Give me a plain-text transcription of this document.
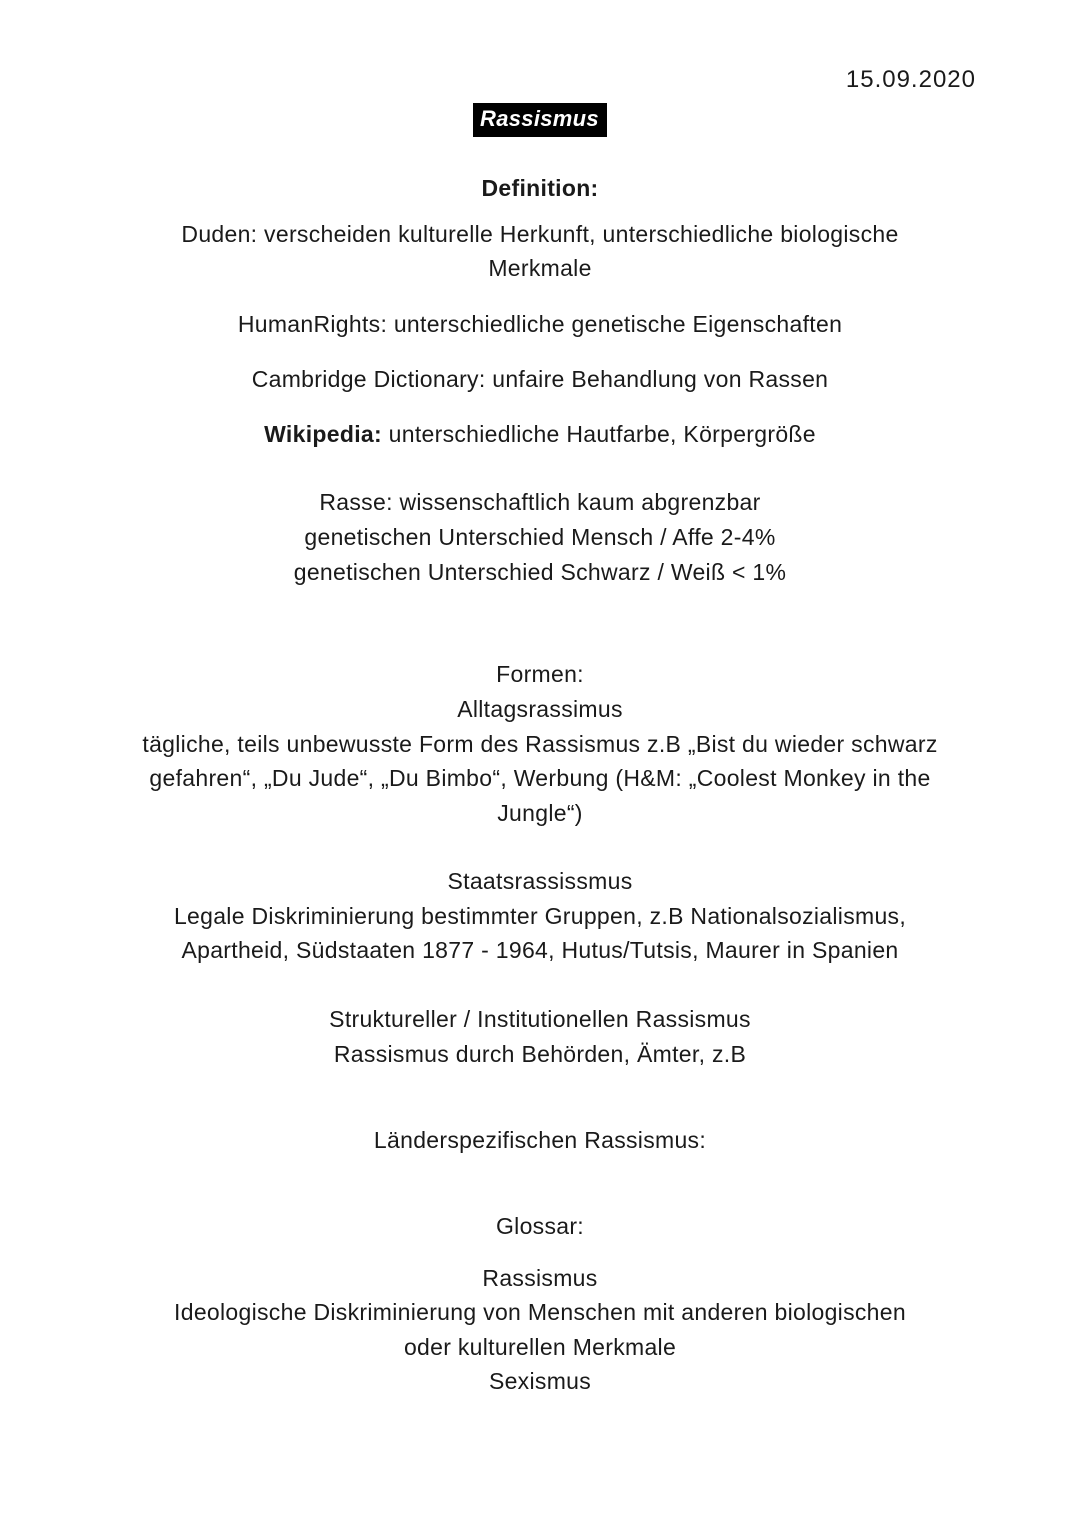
15.09.2020
Rassismus
Definition:
Duden: verscheiden kulturelle Herkunft, unterschiedliche biologische
Merkmale
HumanRights: unterschiedliche genetische Eigenschaften
Cambridge Dictionary: unfaire Behandlung von Rassen
Wikipedia: unterschiedliche Hautfarbe, Körpergröße
Rasse: wissenschaftlich kaum abgrenzbar
genetischen Unterschied Mensch / Affe 2-4%
genetischen Unterschied Schwarz / Weiß < 1%
Formen:
Alltagsrassimus
tägliche, teils unbewusste Form des Rassismus z.B „Bist du wieder schwarz
gefahren“, „Du Jude“, „Du Bimbo“, Werbung (H&M: „Coolest Monkey in the
Jungle“)
Staatsrassissmus
Legale Diskriminierung bestimmter Gruppen, z.B Nationalsozialismus,
Apartheid, Südstaaten 1877 - 1964, Hutus/Tutsis, Maurer in Spanien
Struktureller / Institutionellen Rassismus
Rassismus durch Behörden, Ämter, z.B
Länderspezifischen Rassismus:
Glossar:
Rassismus
Ideologische Diskriminierung von Menschen mit anderen biologischen
oder kulturellen Merkmale
Sexismus
